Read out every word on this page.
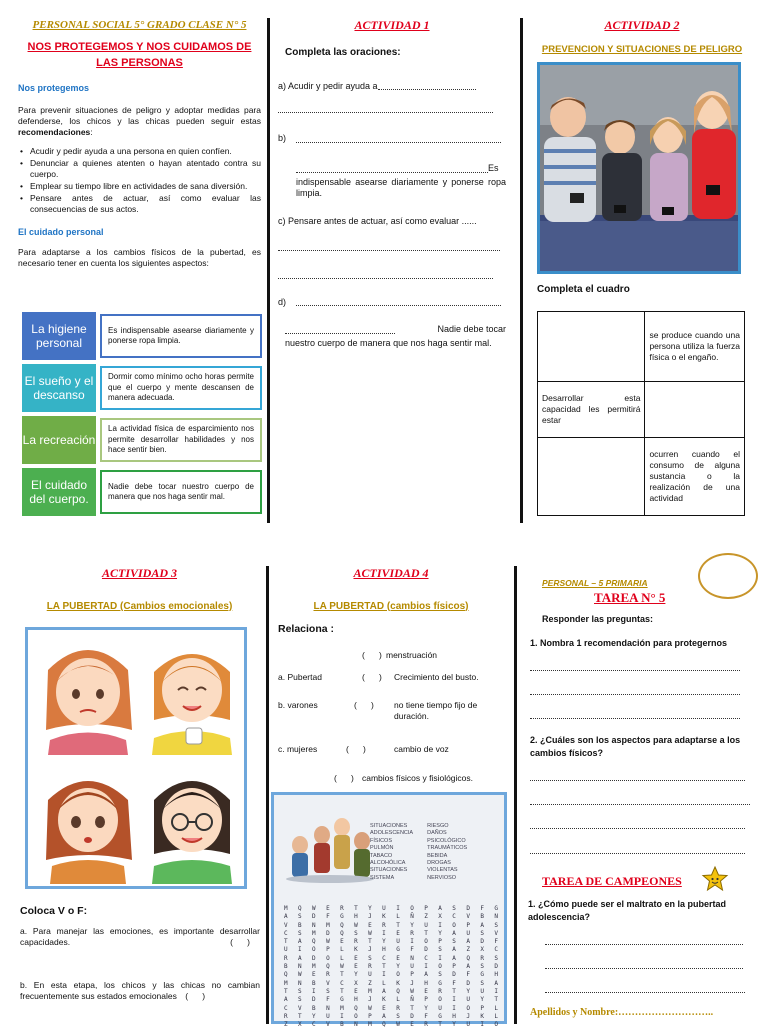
PERSONAL SOCIAL 5° GRADO CLASE N° 5
NOS PROTEGEMOS Y NOS CUIDAMOS DE LAS PERSONAS
Nos protegemos

Para prevenir situaciones de peligro y adoptar medidas para defenderse, los chicos y las chicas pueden seguir estas recomendaciones:

• Acudir y pedir ayuda a una persona en quien confíen.
• Denunciar a quienes atenten o hayan atentado contra su cuerpo.
• Emplear su tiempo libre en actividades de sana diversión.
• Pensare antes de actuar, así como evaluar las consecuencias de sus actos.
El cuidado personal

Para adaptarse a los cambios físicos de la pubertad, es necesario tener en cuenta los siguientes aspectos:

La higiene personal
Es indispensable asearse diariamente y ponerse ropa limpia.
El sueño y el descanso
Dormir como mínimo ocho horas permite que el cuerpo y mente descansen de manera adecuada.
La recreación
La actividad física de esparcimiento nos permite desarrollar habilidades y nos hace sentir bien.
El cuidado del cuerpo.
Nadie debe tocar nuestro cuerpo de manera que nos haga sentir mal.
ACTIVIDAD 1
Completa las oraciones:
a) Acudir y pedir ayuda a
b)
Es

indispensable asearse diariamente y ponerse ropa limpia.

c) Pensare antes de actuar, así como evaluar ......
d)
Nadie debe tocar

nuestro cuerpo de manera que nos haga sentir mal.

ACTIVIDAD 2
PREVENCION Y SITUACIONES DE PELIGRO
Completa el cuadro
	se produce cuando una persona utiliza la fuerza física o el engaño.
Desarrollar esta capacidad les permitirá estar	
	ocurren cuando el consumo de alguna sustancia o la realización de una actividad
ACTIVIDAD 3
LA PUBERTAD (Cambios emocionales)
Coloca V o F:

a. Para manejar las emociones, es importante desarrollar capacidades.	(      )

b. En esta etapa, los chicos y las chicas no cambian frecuentemente sus estados emocionales (      )

ACTIVIDAD 4
LA PUBERTAD (cambios físicos)
Relaciona :
(      ) menstruación
a. Pubertad	(      ) Crecimiento del busto.
b. varones	(      ) no tiene tiempo fijo de duración.
c. mujeres	(      )	cambio de voz
(      ) cambios físicos y fisiológicos.
SITUACIONES
ADOLESCENCIA
FÍSICOS
PULMÓN
TABACO
ALCOHÓLICA
SITUACIONES
SISTEMA
RIESGO
DAÑOS
PSICOLÓGICO
TRAUMÁTICOS
BEBIDA
DROGAS
VIOLENTAS
NERVIOSO
M Q W E R T Y U I O P A S D F G
A S D F G H J K L Ñ Z X C V B N
V B N M Q W E R T Y U I O P A S
C S M D Q S W I E R T Y A U S V
T A Q W E R T Y U I O P S A D F
U I O P L K J H G F D S A Z X C
R A D O L E S C E N C I A Q R S
B N M Q W E R T Y U I O P A S D
Q W E R T Y U I O P A S D F G H
M N B V C X Z L K J H G F D S A
T S I S T E M A Q W E R T Y U I
A S D F G H J K L Ñ P O I U Y T
C V B N M Q W E R T Y U I O P L
R T Y U I O P A S D F G H J K L
Z X C V B N M Q W E R T Y U I O
PERSONAL – 5 PRIMARIA
TAREA N° 5
Responder las preguntas:
1. Nombra 1 recomendación para protegernos
2. ¿Cuáles son los aspectos para adaptarse a los cambios físicos?
TAREA DE CAMPEONES
1. ¿Cómo puede ser el maltrato en la pubertad adolescencia?
Apellidos y Nombre:………………………..
